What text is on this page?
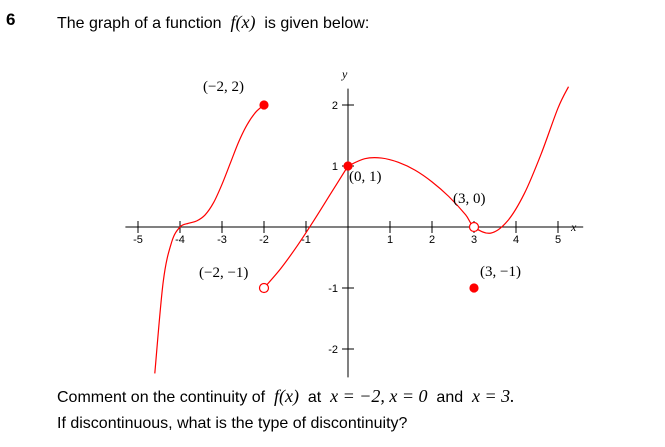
6	The graph of a function f(x) is given below:
-5	-4	-3	-2	-1	1	2	3	4	5
2
1
-1
-2
y
x
(−2, 2)
(−2, −1)
(0, 1)
(3, 0)
(3, −1)
Comment on the continuity of f(x) at x = −2, x = 0 and x = 3.
If discontinuous, what is the type of discontinuity?
